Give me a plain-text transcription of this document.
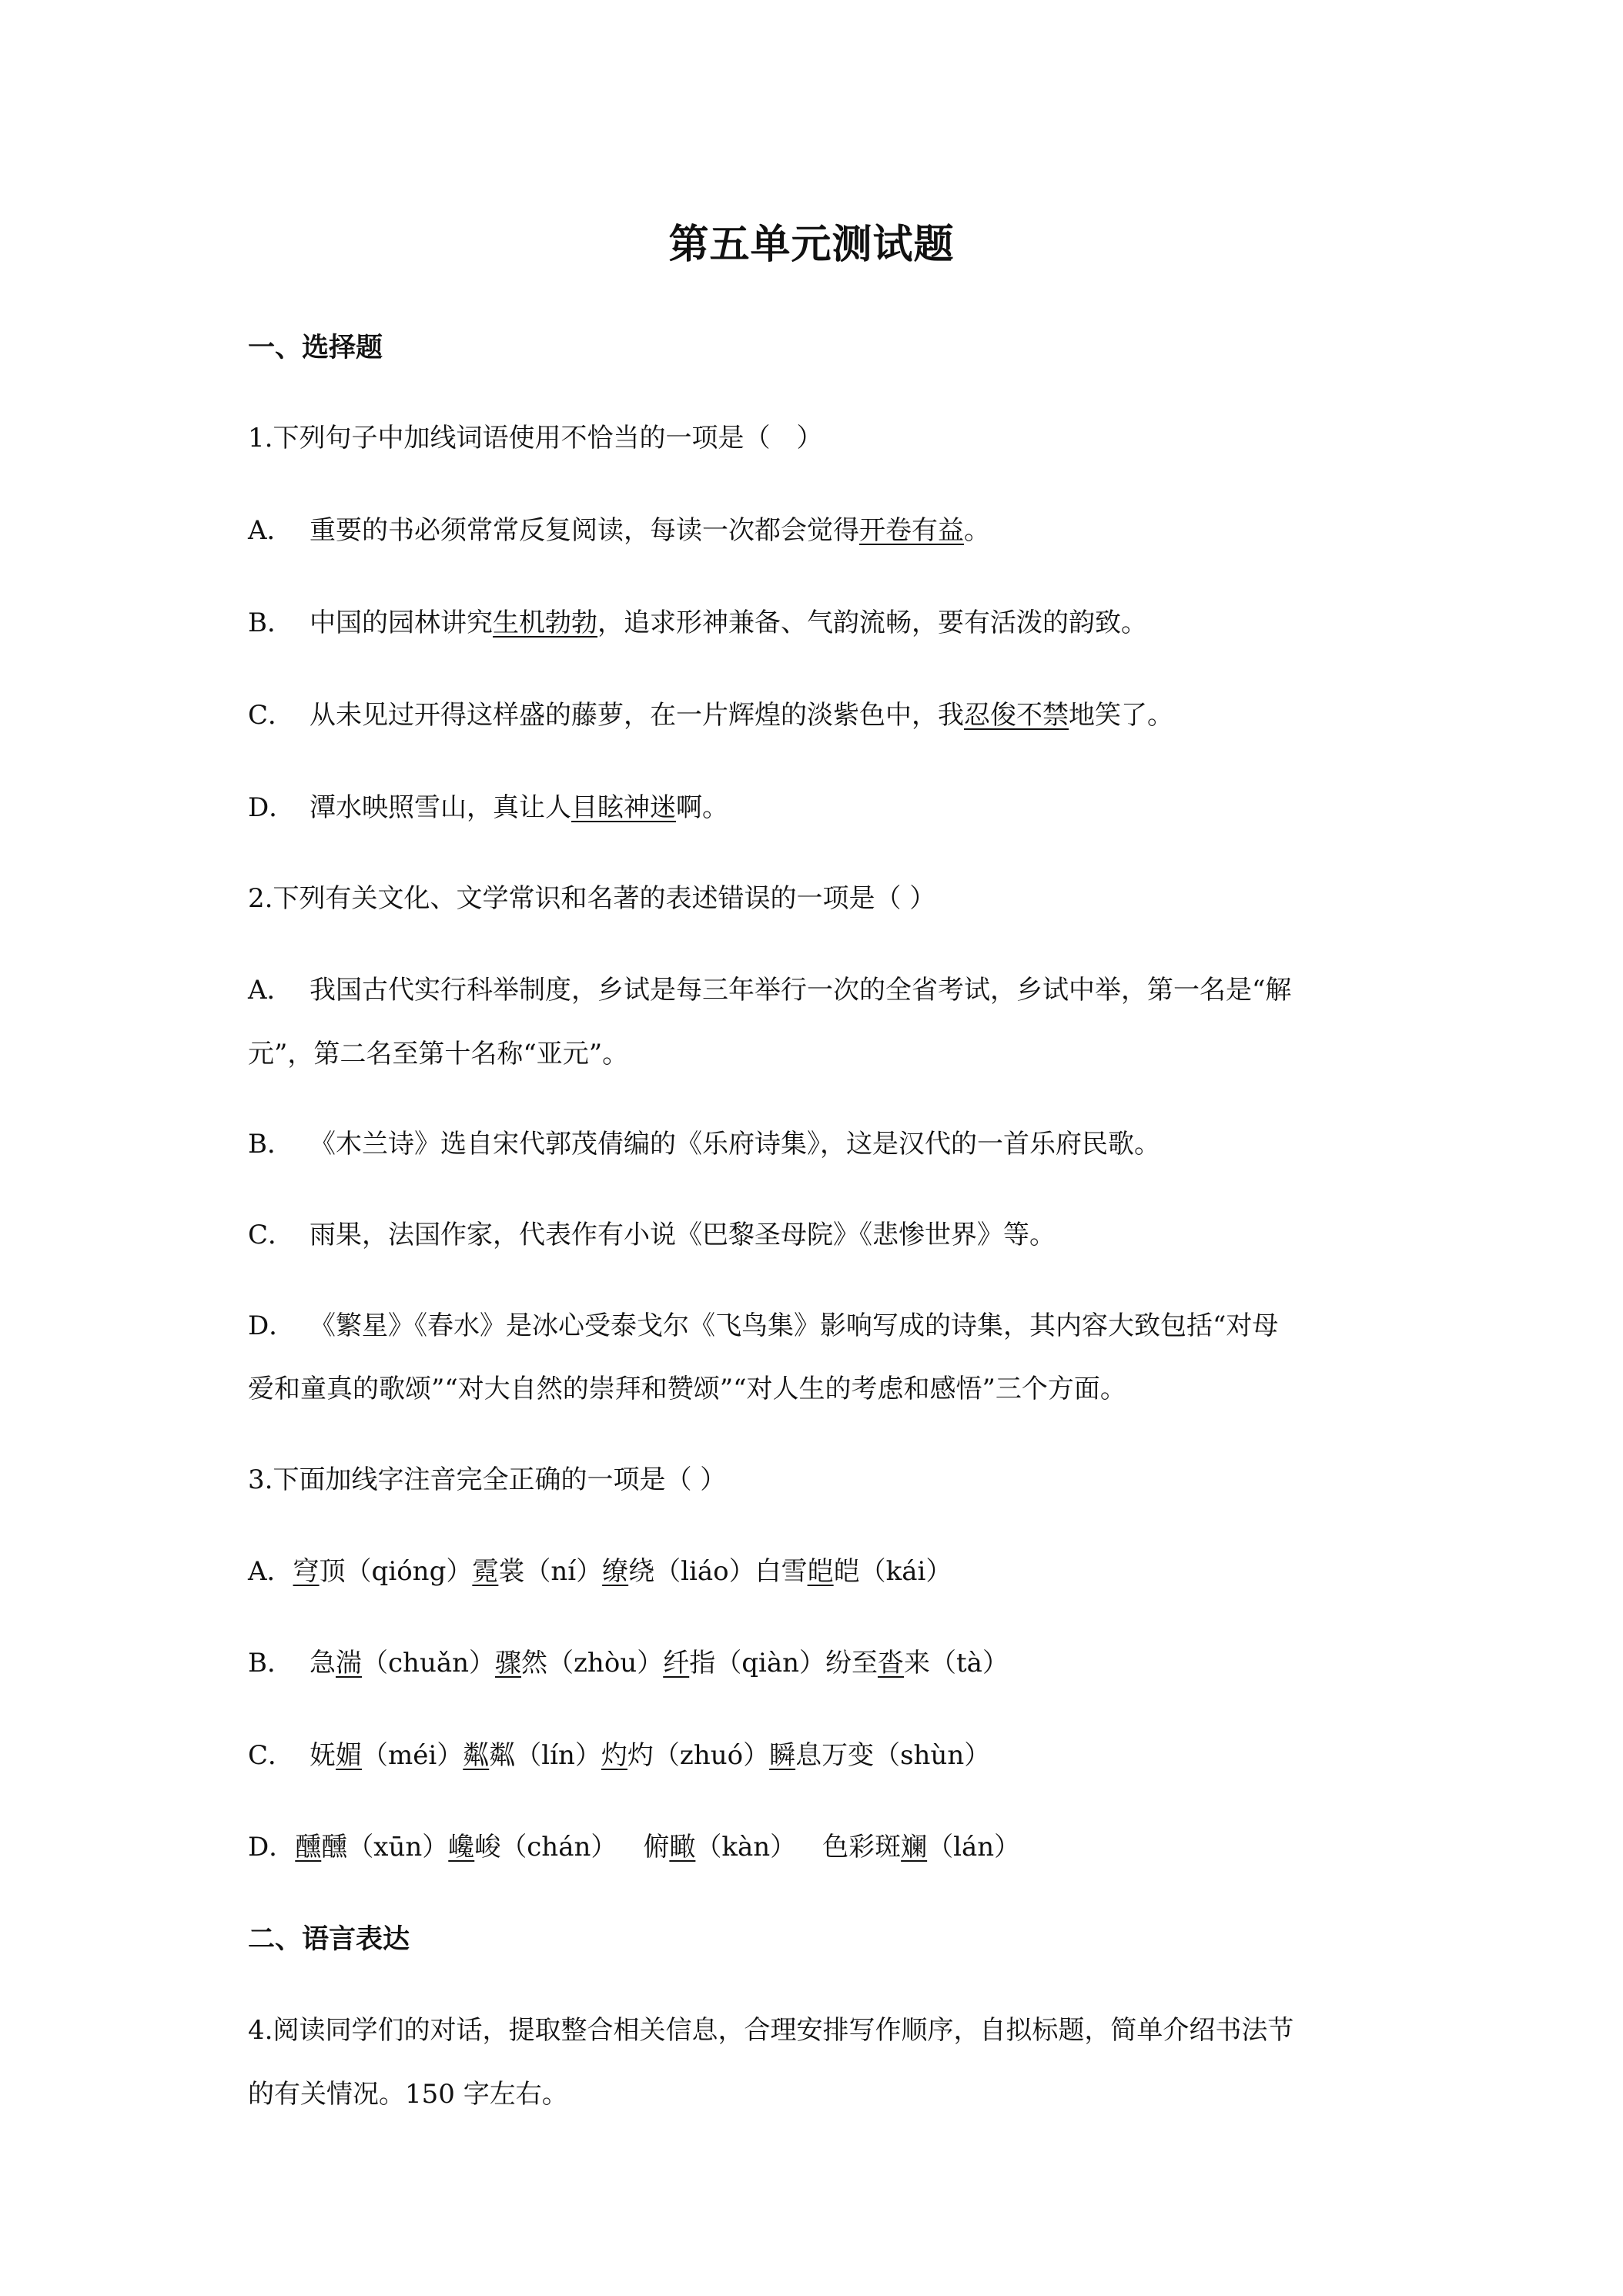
第五单元测试题
一、选择题
1.下列句子中加线词语使用不恰当的一项是（　）
A． 重要的书必须常常反复阅读，每读一次都会觉得开卷有益。
B． 中国的园林讲究生机勃勃，追求形神兼备、气韵流畅，要有活泼的韵致。
C． 从未见过开得这样盛的藤萝，在一片辉煌的淡紫色中，我忍俊不禁地笑了。
D． 潭水映照雪山，真让人目眩神迷啊。
2.下列有关文化、文学常识和名著的表述错误的一项是（ ）
A． 我国古代实行科举制度，乡试是每三年举行一次的全省考试，乡试中举，第一名是“解
元”，第二名至第十名称“亚元”。
B． 《木兰诗》选自宋代郭茂倩编的《乐府诗集》，这是汉代的一首乐府民歌。
C． 雨果，法国作家，代表作有小说《巴黎圣母院》《悲惨世界》等。
D． 《繁星》《春水》是冰心受泰戈尔《飞鸟集》影响写成的诗集，其内容大致包括“对母
爱和童真的歌颂”“对大自然的崇拜和赞颂”“对人生的考虑和感悟”三个方面。
3.下面加线字注音完全正确的一项是（ ）
A．穹顶（qióng）霓裳（ní）缭绕（liáo）白雪皑皑（kái）
B． 急湍（chuǎn）骤然（zhòu）纤指（qiàn）纷至沓来（tà）
C． 妩媚（méi）粼粼（lín）灼灼（zhuó）瞬息万变（shùn）
D．醺醺（xūn）巉峻（chán） 俯瞰（kàn） 色彩斑斓（lán）
二、语言表达
4.阅读同学们的对话，提取整合相关信息，合理安排写作顺序，自拟标题，简单介绍书法节
的有关情况。150 字左右。
